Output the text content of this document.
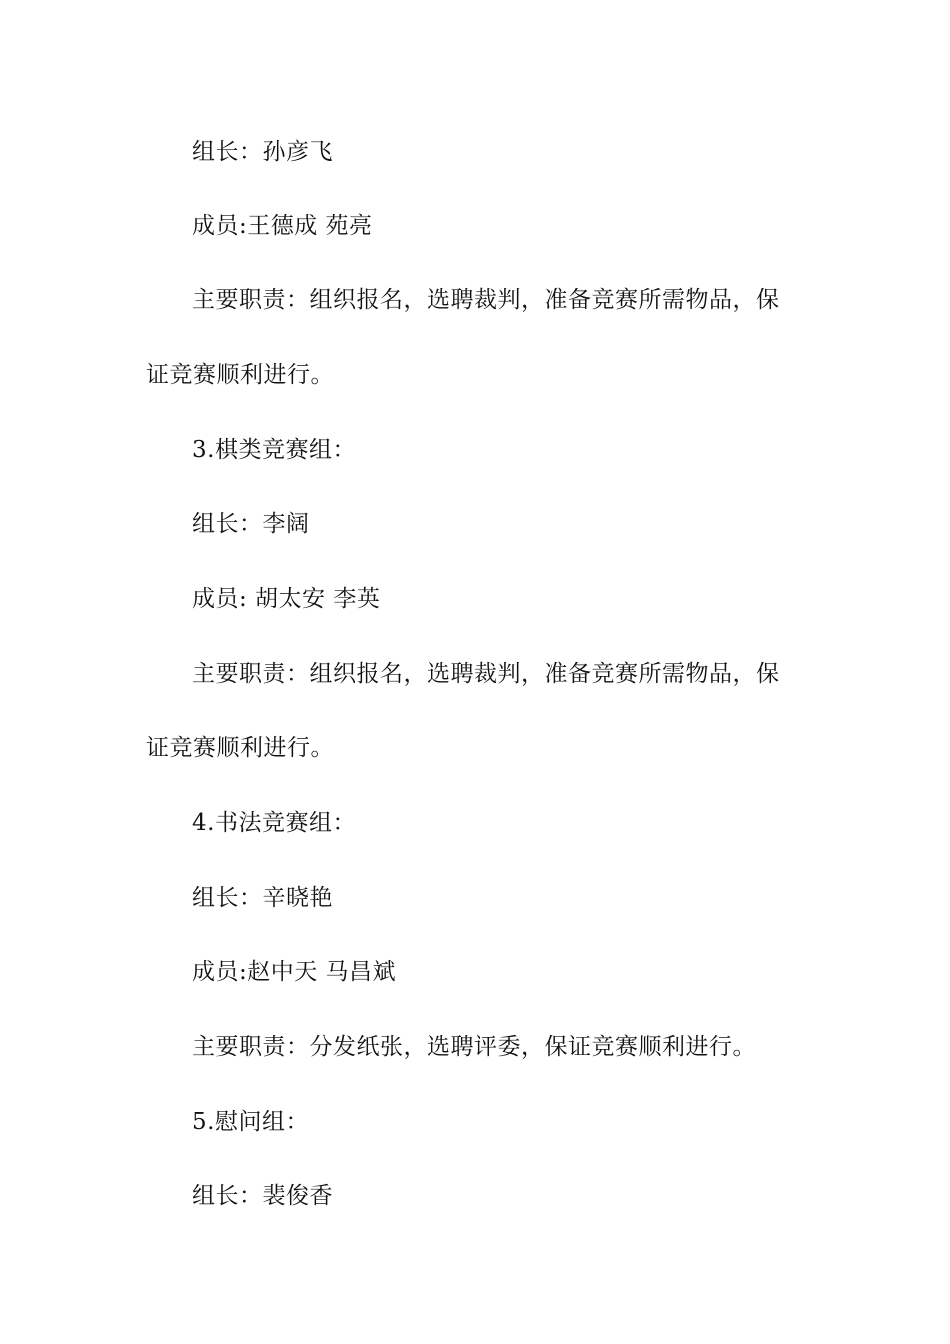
组长：孙彦飞
成员:王德成 苑亮
主要职责：组织报名，选聘裁判，准备竞赛所需物品，保
证竞赛顺利进行。
3.棋类竞赛组：
组长：李阔
成员: 胡太安 李英
主要职责：组织报名，选聘裁判，准备竞赛所需物品，保
证竞赛顺利进行。
4.书法竞赛组：
组长：辛晓艳
成员:赵中天 马昌斌
主要职责：分发纸张，选聘评委，保证竞赛顺利进行。
5.慰问组：
组长：裴俊香
